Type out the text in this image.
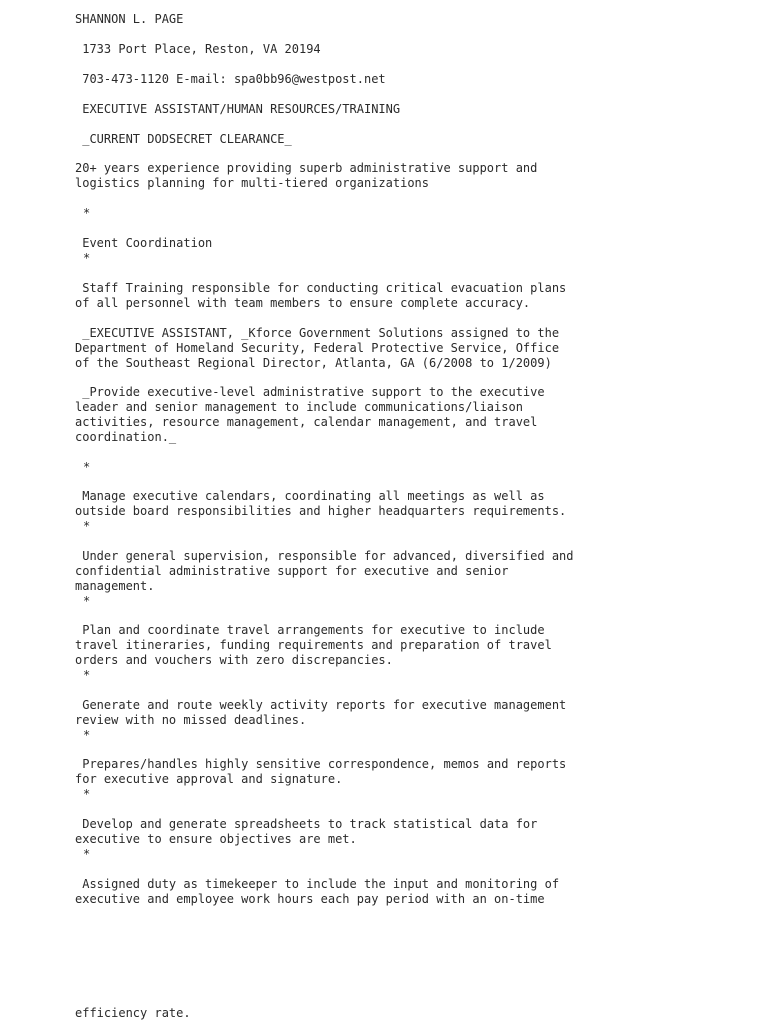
SHANNON L. PAGE
1733 Port Place, Reston, VA 20194
703-473-1120 E-mail: spa0bb96@westpost.net
EXECUTIVE ASSISTANT/HUMAN RESOURCES/TRAINING
_CURRENT DODSECRET CLEARANCE_
20+ years experience providing superb administrative support and
logistics planning for multi-tiered organizations
*
Event Coordination
*
Staff Training responsible for conducting critical evacuation plans
of all personnel with team members to ensure complete accuracy.
_EXECUTIVE ASSISTANT, _Kforce Government Solutions assigned to the
Department of Homeland Security, Federal Protective Service, Office
of the Southeast Regional Director, Atlanta, GA (6/2008 to 1/2009)
_Provide executive-level administrative support to the executive
leader and senior management to include communications/liaison
activities, resource management, calendar management, and travel
coordination._
*
Manage executive calendars, coordinating all meetings as well as
outside board responsibilities and higher headquarters requirements.
*
Under general supervision, responsible for advanced, diversified and
confidential administrative support for executive and senior
management.
*
Plan and coordinate travel arrangements for executive to include
travel itineraries, funding requirements and preparation of travel
orders and vouchers with zero discrepancies.
*
Generate and route weekly activity reports for executive management
review with no missed deadlines.
*
Prepares/handles highly sensitive correspondence, memos and reports
for executive approval and signature.
*
Develop and generate spreadsheets to track statistical data for
executive to ensure objectives are met.
*
Assigned duty as timekeeper to include the input and monitoring of
executive and employee work hours each pay period with an on-time
efficiency rate.
